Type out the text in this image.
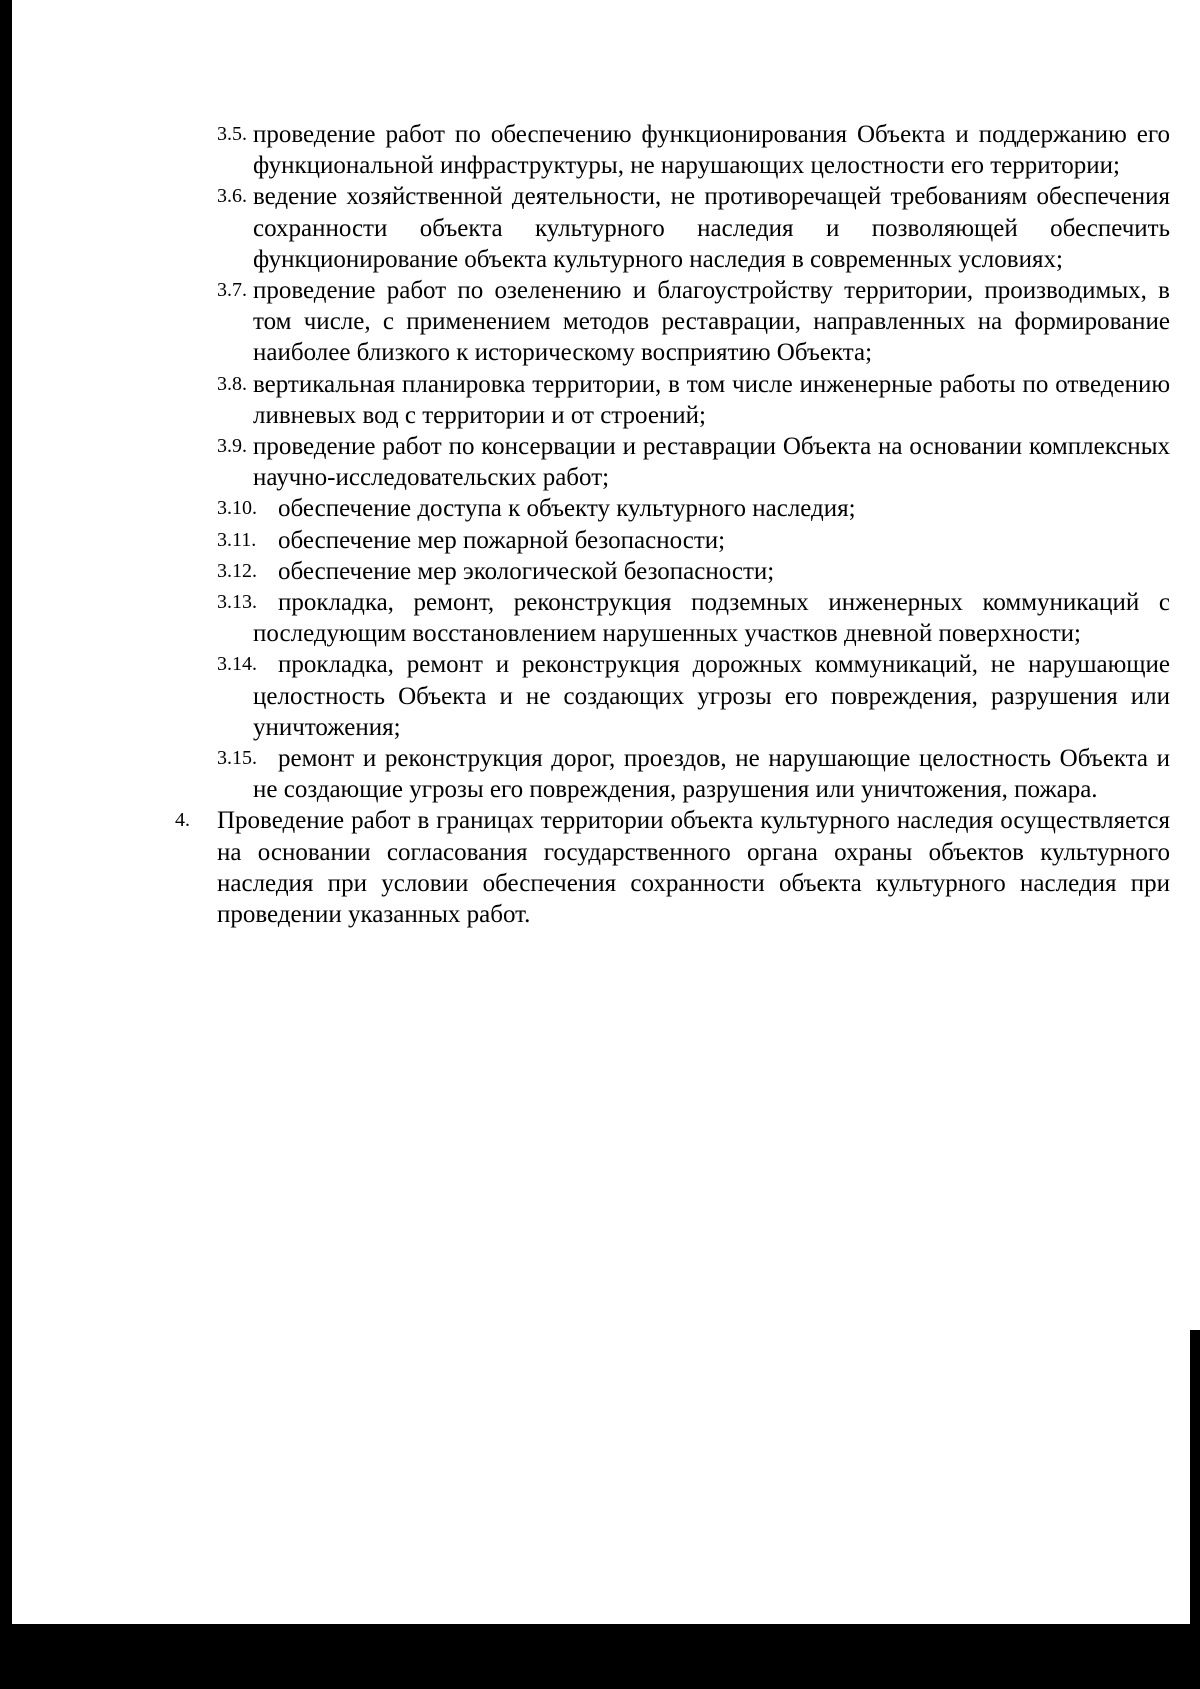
3.5. проведение работ по обеспечению функционирования Объекта и поддержанию его функциональной инфраструктуры, не нарушающих целостности его территории;
3.6. ведение хозяйственной деятельности, не противоречащей требованиям обеспечения сохранности объекта культурного наследия и позволяющей обеспечить функционирование объекта культурного наследия в современных условиях;
3.7. проведение работ по озеленению и благоустройству территории, производимых, в том числе, с применением методов реставрации, направленных на формирование наиболее близкого к историческому восприятию Объекта;
3.8. вертикальная планировка территории, в том числе инженерные работы по отведению ливневых вод с территории и от строений;
3.9. проведение работ по консервации и реставрации Объекта на основании комплексных научно-исследовательских работ;
3.10. обеспечение доступа к объекту культурного наследия;
3.11. обеспечение мер пожарной безопасности;
3.12. обеспечение мер экологической безопасности;
3.13. прокладка, ремонт, реконструкция подземных инженерных коммуникаций с последующим восстановлением нарушенных участков дневной поверхности;
3.14. прокладка, ремонт и реконструкция дорожных коммуникаций, не нарушающие целостность Объекта и не создающих угрозы его повреждения, разрушения или уничтожения;
3.15. ремонт и реконструкция дорог, проездов, не нарушающие целостность Объекта и не создающие угрозы его повреждения, разрушения или уничтожения, пожара.
4. Проведение работ в границах территории объекта культурного наследия осуществляется на основании согласования государственного органа охраны объектов культурного наследия при условии обеспечения сохранности объекта культурного наследия при проведении указанных работ.
